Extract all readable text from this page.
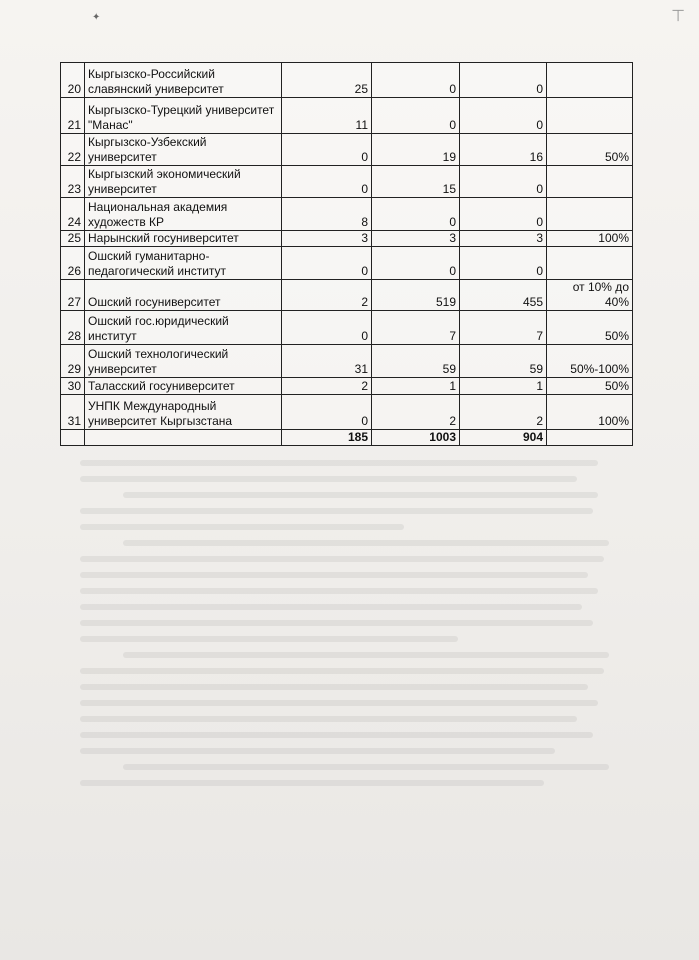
⊤
✦
20	Кыргызско-Российский славянский университет	25	0	0	
21	Кыргызско-Турецкий университет "Манас"	11	0	0	
22	Кыргызско-Узбекский университет	0	19	16	50%
23	Кыргызский экономический университет	0	15	0	
24	Национальная академия художеств КР	8	0	0	
25	Нарынский госуниверситет	3	3	3	100%
26	Ошский гуманитарно-педагогический институт	0	0	0	
27	Ошский госуниверситет	2	519	455	от 10% до 40%
28	Ошский гос.юридический институт	0	7	7	50%
29	Ошский технологический университет	31	59	59	50%-100%
30	Таласский госуниверситет	2	1	1	50%
31	УНПК Международный университет Кыргызстана	0	2	2	100%
		185	1003	904	
